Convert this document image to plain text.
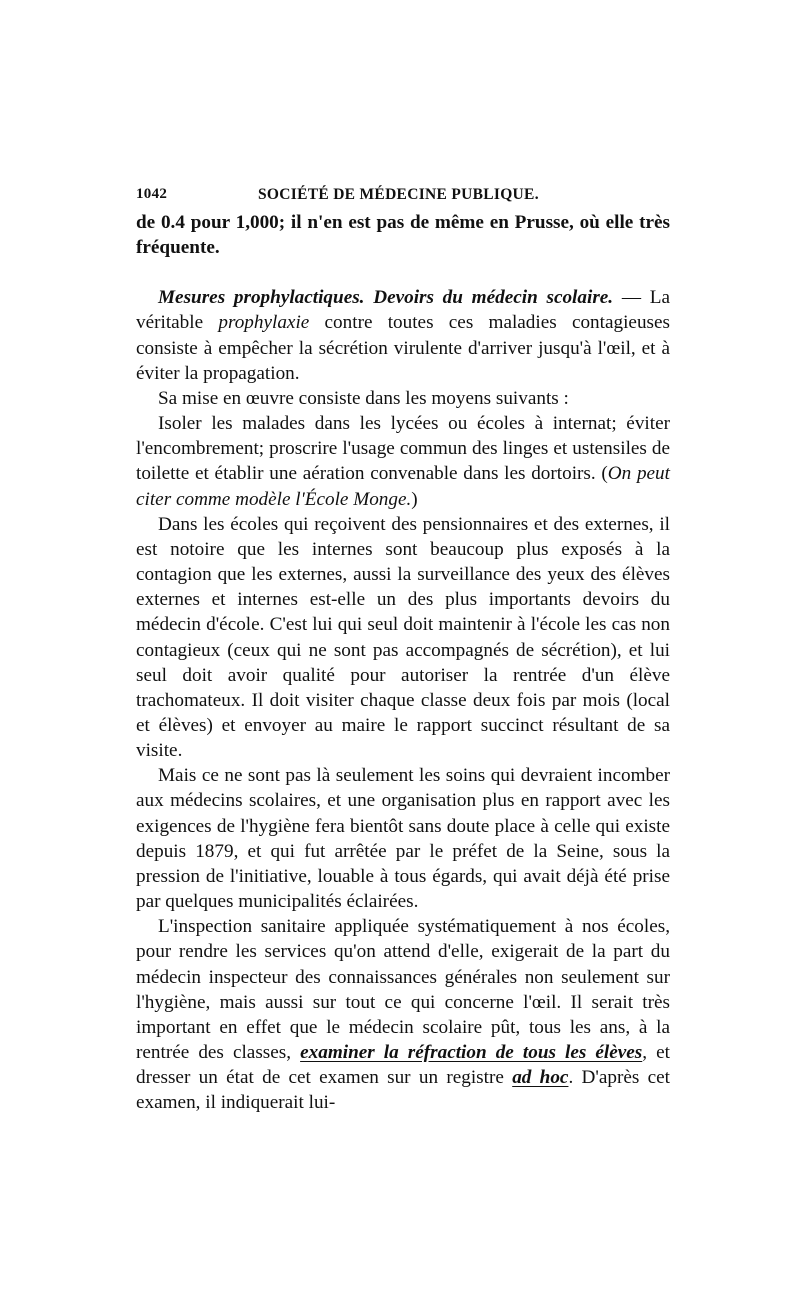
1042	SOCIÉTÉ DE MÉDECINE PUBLIQUE.

de 0.4 pour 1,000; il n'en est pas de même en Prusse, où elle très fréquente.

Mesures prophylactiques. Devoirs du médecin scolaire. — La véritable prophylaxie contre toutes ces maladies contagieuses consiste à empêcher la sécrétion virulente d'arriver jusqu'à l'œil, et à éviter la propagation.

Sa mise en œuvre consiste dans les moyens suivants :

Isoler les malades dans les lycées ou écoles à internat; éviter l'encombrement; proscrire l'usage commun des linges et ustensiles de toilette et établir une aération convenable dans les dortoirs. (On peut citer comme modèle l'École Monge.)

Dans les écoles qui reçoivent des pensionnaires et des externes, il est notoire que les internes sont beaucoup plus exposés à la contagion que les externes, aussi la surveillance des yeux des élèves externes et internes est-elle un des plus importants devoirs du médecin d'école. C'est lui qui seul doit maintenir à l'école les cas non contagieux (ceux qui ne sont pas accompagnés de sécrétion), et lui seul doit avoir qualité pour autoriser la rentrée d'un élève trachomateux. Il doit visiter chaque classe deux fois par mois (local et élèves) et envoyer au maire le rapport succinct résultant de sa visite.

Mais ce ne sont pas là seulement les soins qui devraient incomber aux médecins scolaires, et une organisation plus en rapport avec les exigences de l'hygiène fera bientôt sans doute place à celle qui existe depuis 1879, et qui fut arrêtée par le préfet de la Seine, sous la pression de l'initiative, louable à tous égards, qui avait déjà été prise par quelques municipalités éclairées.

L'inspection sanitaire appliquée systématiquement à nos écoles, pour rendre les services qu'on attend d'elle, exigerait de la part du médecin inspecteur des connaissances générales non seulement sur l'hygiène, mais aussi sur tout ce qui concerne l'œil. Il serait très important en effet que le médecin scolaire pût, tous les ans, à la rentrée des classes, examiner la réfraction de tous les élèves, et dresser un état de cet examen sur un registre ad hoc. D'après cet examen, il indiquerait lui-
